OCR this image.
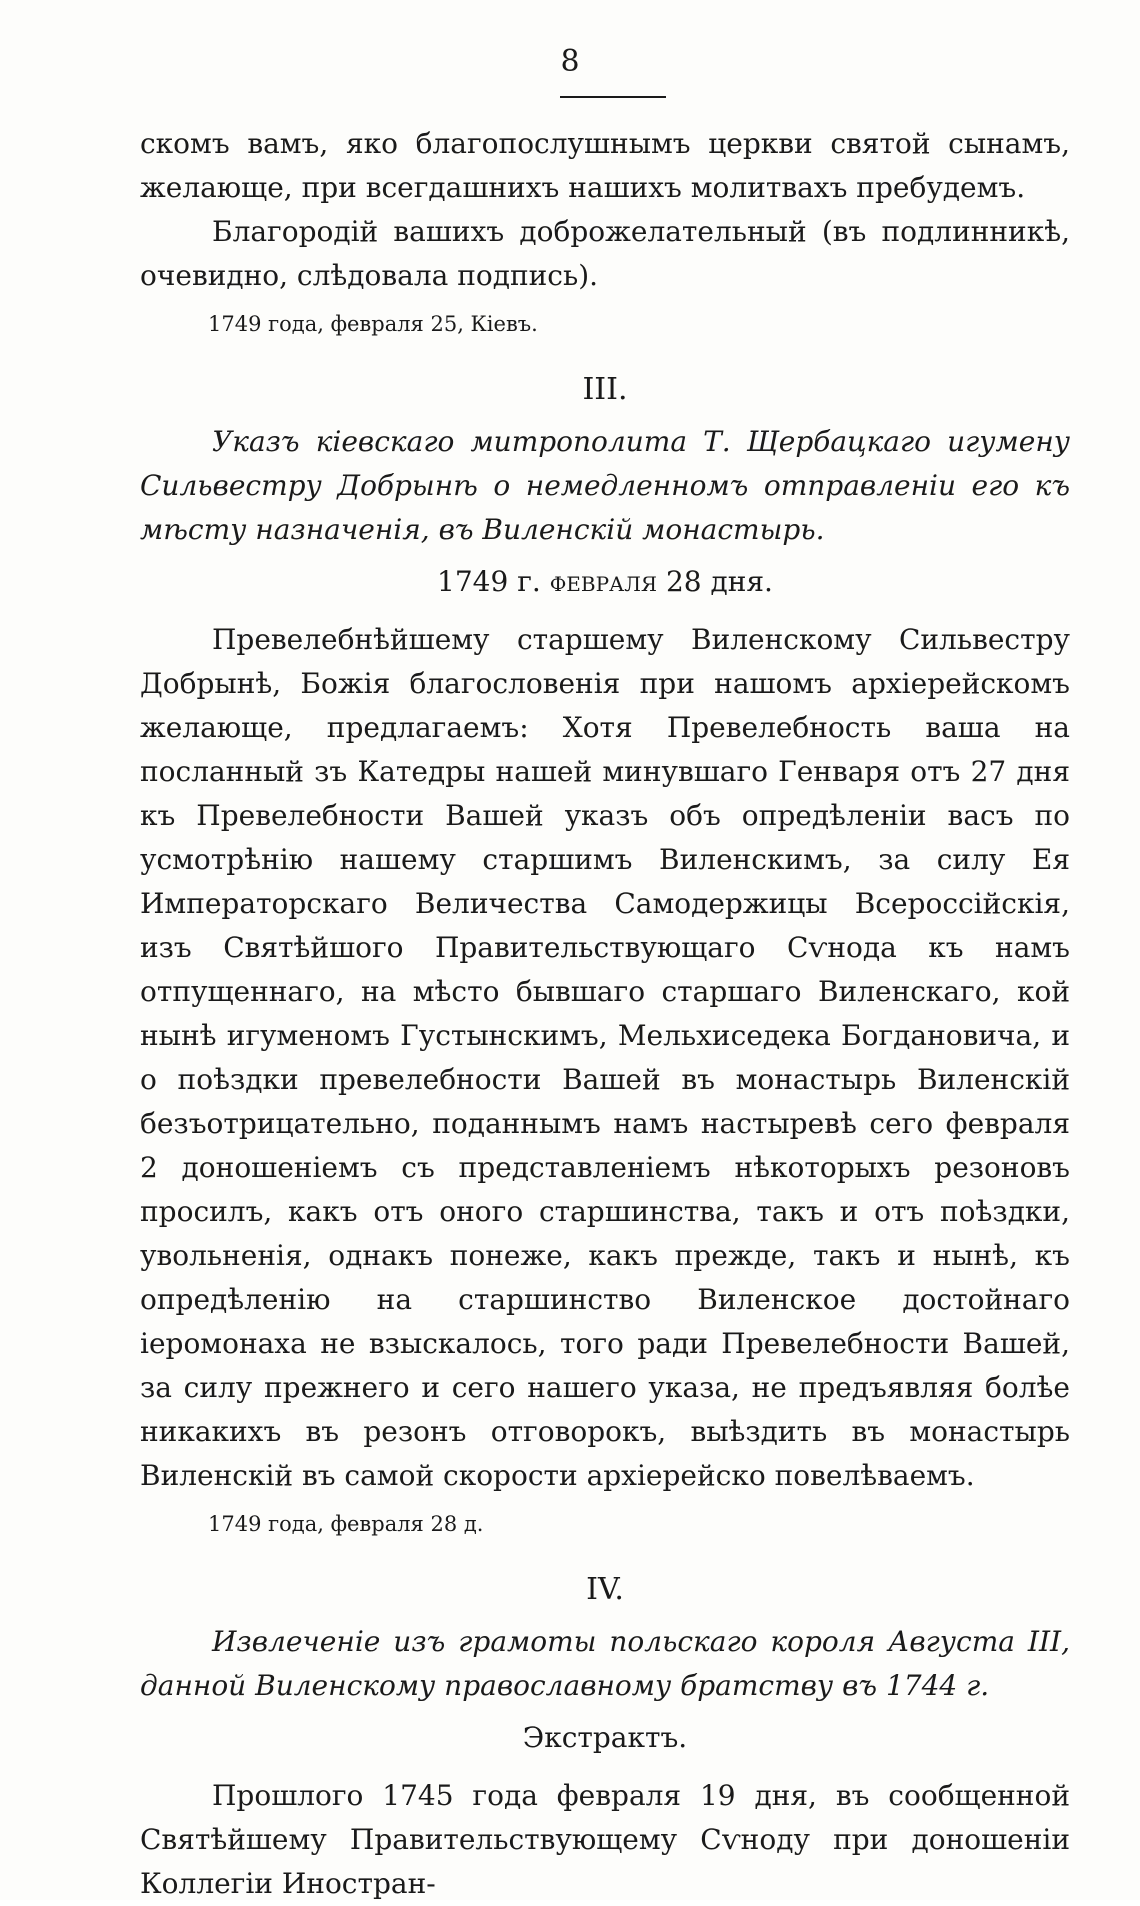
8

скомъ вамъ, яко благопослушнымъ церкви святой сынамъ, желающе, при всегдашнихъ нашихъ молитвахъ пребудемъ.

Благородій вашихъ доброжелательный (въ подлинникѣ, очевидно, слѣдовала подпись).

1749 года, февраля 25, Кіевъ.
III.

Указъ кіевскаго митрополита Т. Щербацкаго игумену Сильвестру Добрынѣ о немедленномъ отправленіи его къ мѣсту назначенія, въ Виленскій монастырь.

1749 г. февраля 28 дня.

Превелебнѣйшему старшему Виленскому Сильвестру Добрынѣ, Божія благословенія при нашомъ архіерейскомъ желающе, предлагаемъ: Хотя Превелебность ваша на посланный зъ Катедры нашей минувшаго Генваря отъ 27 дня къ Превелебности Вашей указъ объ опредѣленіи васъ по усмотрѣнію нашему старшимъ Виленскимъ, за силу Ея Императорскаго Величества Самодержицы Всероссійскія, изъ Святѣйшого Правительствующаго Сѵнода къ намъ отпущеннаго, на мѣсто бывшаго старшаго Виленскаго, кой нынѣ игуменомъ Густынскимъ, Мельхиседека Богдановича, и о поѣздки превелебности Вашей въ монастырь Виленскій безъотрицательно, поданнымъ намъ настыревѣ сего февраля 2 доношеніемъ съ представленіемъ нѣкоторыхъ резоновъ просилъ, какъ отъ оного старшинства, такъ и отъ поѣздки, увольненія, однакъ понеже, какъ прежде, такъ и нынѣ, къ опредѣленію на старшинство Виленское достойнаго іеромонаха не взыскалось, того ради Превелебности Вашей, за силу прежнего и сего нашего указа, не предъявляя болѣе никакихъ въ резонъ отговорокъ, выѣздить въ монастырь Виленскій въ самой скорости архіерейско повелѣваемъ.

1749 года, февраля 28 д.
IV.

Извлеченіе изъ грамоты польскаго короля Августа III, данной Виленскому православному братству въ 1744 г.

Экстрактъ.

Прошлого 1745 года февраля 19 дня, въ сообщенной Святѣйшему Правительствующему Сѵноду при доношеніи Коллегіи Иностран-
